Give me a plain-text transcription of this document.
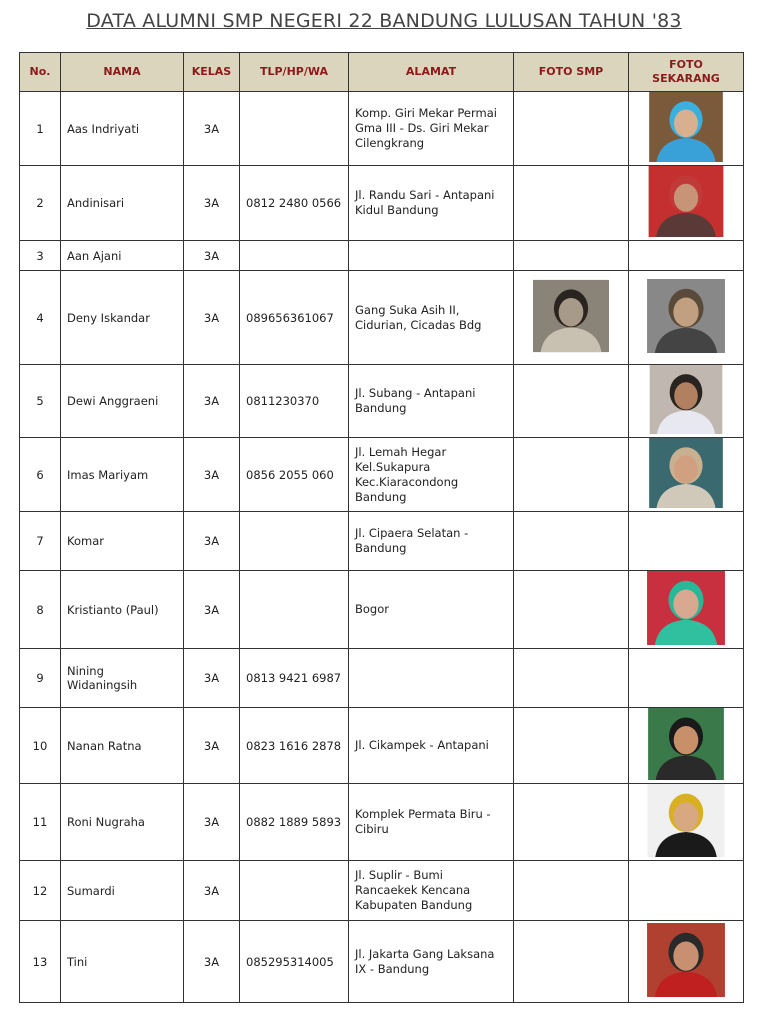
DATA ALUMNI SMP NEGERI 22 BANDUNG LULUSAN TAHUN '83
No.	NAMA	KELAS	TLP/HP/WA	ALAMAT	FOTO SMP	FOTO SEKARANG
1	Aas Indriyati	3A		Komp. Giri Mekar Permai Gma III - Ds. Giri Mekar Cilengkrang		
2	Andinisari	3A	0812 2480 0566	Jl. Randu Sari - Antapani Kidul Bandung		
3	Aan Ajani	3A				
4	Deny Iskandar	3A	089656361067	Gang Suka Asih II, Cidurian, Cicadas Bdg		
5	Dewi Anggraeni	3A	0811230370	Jl. Subang - Antapani Bandung		
6	Imas Mariyam	3A	0856 2055 060	Jl. Lemah Hegar Kel.Sukapura Kec.Kiaracondong Bandung		
7	Komar	3A		Jl. Cipaera Selatan - Bandung		
8	Kristianto (Paul)	3A		Bogor		
9	Nining Widaningsih	3A	0813 9421 6987			
10	Nanan Ratna	3A	0823 1616 2878	Jl. Cikampek - Antapani		
11	Roni Nugraha	3A	0882 1889 5893	Komplek Permata Biru - Cibiru		
12	Sumardi	3A		Jl. Suplir - Bumi Rancaekek Kencana Kabupaten Bandung		
13	Tini	3A	085295314005	Jl. Jakarta Gang Laksana IX - Bandung		
